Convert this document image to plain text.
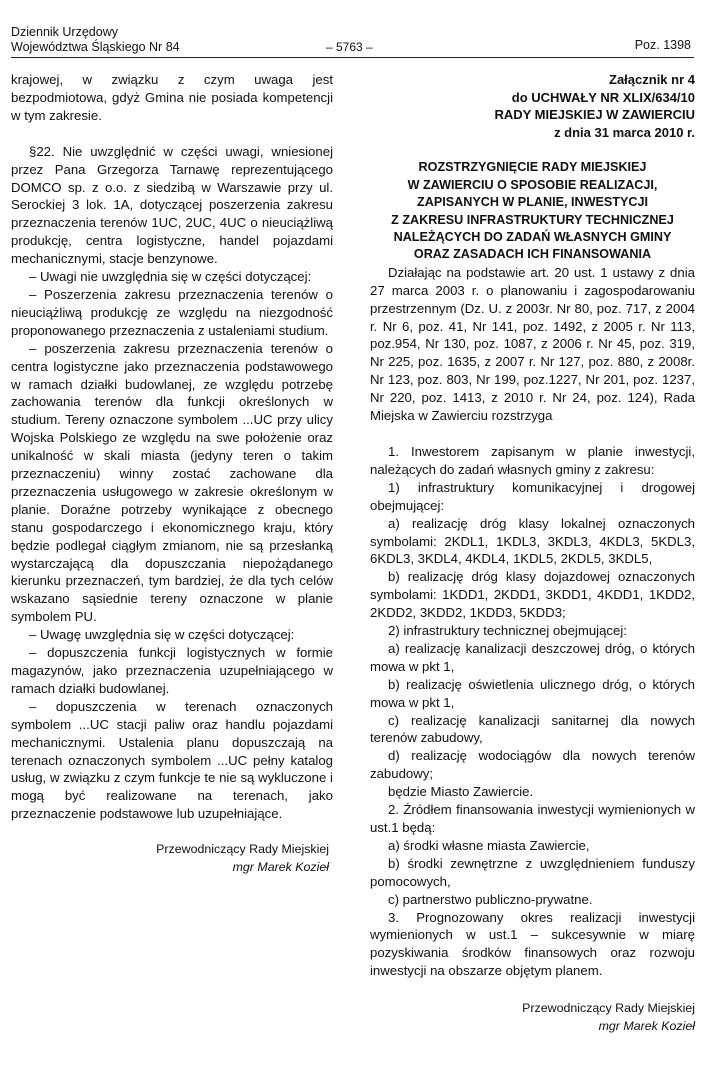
Dziennik Urzędowy
Województwa Śląskiego Nr 84	– 5763 –	Poz. 1398

krajowej, w związku z czym uwaga jest bezpodmiotowa, gdyż Gmina nie posiada kompetencji w tym zakresie.

§22. Nie uwzględnić w części uwagi, wniesionej przez Pana Grzegorza Tarnawę reprezentującego DOMCO sp. z o.o. z siedzibą w Warszawie przy ul. Serockiej 3 lok. 1A, dotyczącej poszerzenia zakresu przeznaczenia terenów 1UC, 2UC, 4UC o nieuciążliwą produkcję, centra logistyczne, handel pojazdami mechanicznymi, stacje benzynowe.

– Uwagi nie uwzględnia się w części dotyczącej:

– Poszerzenia zakresu przeznaczenia terenów o nieuciążliwą produkcję ze względu na niezgodność proponowanego przeznaczenia z ustaleniami studium.

– poszerzenia zakresu przeznaczenia terenów o centra logistyczne jako przeznaczenia podstawowego w ramach działki budowlanej, ze względu potrzebę zachowania terenów dla funkcji określonych w studium. Tereny oznaczone symbolem ...UC przy ulicy Wojska Polskiego ze względu na swe położenie oraz unikalność w skali miasta (jedyny teren o takim przeznaczeniu) winny zostać zachowane dla przeznaczenia usługowego w zakresie określonym w planie. Doraźne potrzeby wynikające z obecnego stanu gospodarczego i ekonomicznego kraju, który będzie podlegał ciągłym zmianom, nie są przesłanką wystarczającą dla dopuszczania niepożądanego kierunku przeznaczeń, tym bardziej, że dla tych celów wskazano sąsiednie tereny oznaczone w planie symbolem PU.

– Uwagę uwzględnia się w części dotyczącej:

– dopuszczenia funkcji logistycznych w formie magazynów, jako przeznaczenia uzupełniającego w ramach działki budowlanej.

– dopuszczenia w terenach oznaczonych symbolem ...UC stacji paliw oraz handlu pojazdami mechanicznymi. Ustalenia planu dopuszczają na terenach oznaczonych symbolem ...UC pełny katalog usług, w związku z czym funkcje te nie są wykluczone i mogą być realizowane na terenach, jako przeznaczenie podstawowe lub uzupełniające.

Przewodniczący Rady Miejskiej
mgr Marek Kozieł
Załącznik nr 4
do UCHWAŁY NR XLIX/634/10
RADY MIEJSKIEJ W ZAWIERCIU
z dnia 31 marca 2010 r.
ROZSTRZYGNIĘCIE RADY MIEJSKIEJ
W ZAWIERCIU O SPOSOBIE REALIZACJI,
ZAPISANYCH W PLANIE, INWESTYCJI
Z ZAKRESU INFRASTRUKTURY TECHNICZNEJ
NALEŻĄCYCH DO ZADAŃ WŁASNYCH GMINY
ORAZ ZASADACH ICH FINANSOWANIA

Działając na podstawie art. 20 ust. 1 ustawy z dnia 27 marca 2003 r. o planowaniu i zagospodarowaniu przestrzennym (Dz. U. z 2003r. Nr 80, poz. 717, z 2004 r. Nr 6, poz. 41, Nr 141, poz. 1492, z 2005 r. Nr 113, poz.954, Nr 130, poz. 1087, z 2006 r. Nr 45, poz. 319, Nr 225, poz. 1635, z 2007 r. Nr 127, poz. 880, z 2008r. Nr 123, poz. 803, Nr 199, poz.1227, Nr 201, poz. 1237, Nr 220, poz. 1413, z 2010 r. Nr 24, poz. 124), Rada Miejska w Zawierciu rozstrzyga

1. Inwestorem zapisanym w planie inwestycji, należących do zadań własnych gminy z zakresu:

1) infrastruktury komunikacyjnej i drogowej obejmującej:

a) realizację dróg klasy lokalnej oznaczonych symbolami: 2KDL1, 1KDL3, 3KDL3, 4KDL3, 5KDL3, 6KDL3, 3KDL4, 4KDL4, 1KDL5, 2KDL5, 3KDL5,

b) realizację dróg klasy dojazdowej oznaczonych symbolami: 1KDD1, 2KDD1, 3KDD1, 4KDD1, 1KDD2, 2KDD2, 3KDD2, 1KDD3, 5KDD3;

2) infrastruktury technicznej obejmującej:

a) realizację kanalizacji deszczowej dróg, o których mowa w pkt 1,

b) realizację oświetlenia ulicznego dróg, o których mowa w pkt 1,

c) realizację kanalizacji sanitarnej dla nowych terenów zabudowy,

d) realizację wodociągów dla nowych terenów zabudowy;

będzie Miasto Zawiercie.

2. Źródłem finansowania inwestycji wymienionych w ust.1 będą:

a) środki własne miasta Zawiercie,

b) środki zewnętrzne z uwzględnieniem funduszy pomocowych,

c) partnerstwo publiczno-prywatne.

3. Prognozowany okres realizacji inwestycji wymienionych w ust.1 – sukcesywnie w miarę pozyskiwania środków finansowych oraz rozwoju inwestycji na obszarze objętym planem.

Przewodniczący Rady Miejskiej
mgr Marek Kozieł
